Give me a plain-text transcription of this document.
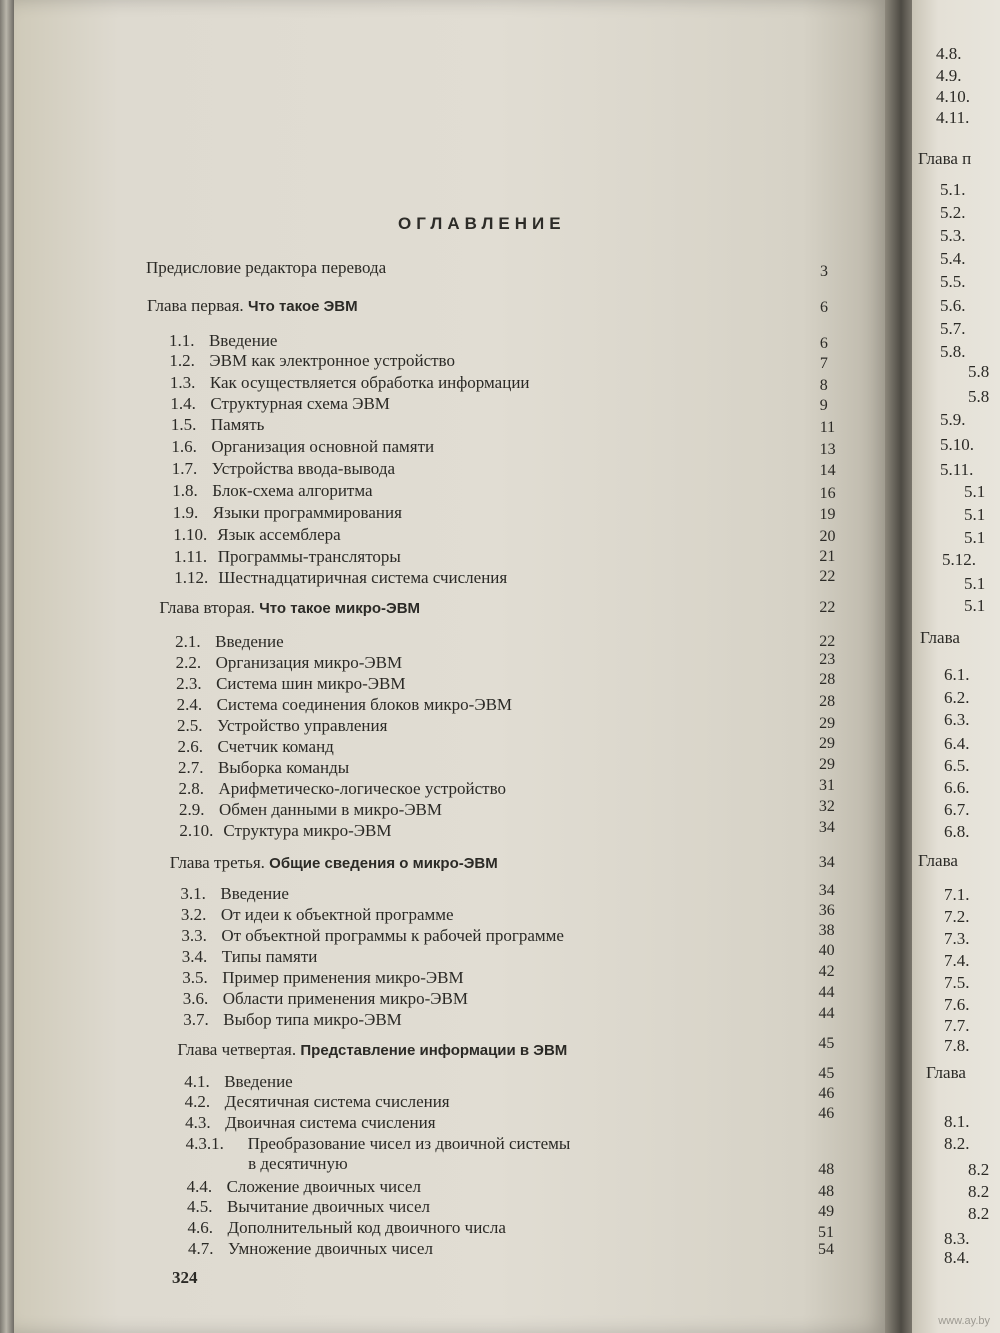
ОГЛАВЛЕНИЕ
Предисловие редактора перевода	3
Глава первая. Что такое ЭВМ	6
1.1. Введение	6
1.2. ЭВМ как электронное устройство	7
1.3. Как осуществляется обработка информации	8
1.4. Структурная схема ЭВМ	9
1.5. Память	11
1.6. Организация основной памяти	13
1.7. Устройства ввода-вывода	14
1.8. Блок-схема алгоритма	16
1.9. Языки программирования	19
1.10. Язык ассемблера	20
1.11. Программы-трансляторы	21
1.12. Шестнадцатиричная система счисления	22
Глава вторая. Что такое микро-ЭВМ	22
2.1. Введение	22
2.2. Организация микро-ЭВМ	23
2.3. Система шин микро-ЭВМ	28
2.4. Система соединения блоков микро-ЭВМ	28
2.5. Устройство управления	29
2.6. Счетчик команд	29
2.7. Выборка команды	29
2.8. Арифметическо-логическое устройство	31
2.9. Обмен данными в микро-ЭВМ	32
2.10. Структура микро-ЭВМ	34
Глава третья. Общие сведения о микро-ЭВМ	34
3.1. Введение	34
3.2. От идеи к объектной программе	36
3.3. От объектной программы к рабочей программе	38
3.4. Типы памяти	40
3.5. Пример применения микро-ЭВМ	42
3.6. Области применения микро-ЭВМ	44
3.7. Выбор типа микро-ЭВМ	44
Глава четвертая. Представление информации в ЭВМ	45
4.1. Введение	45
4.2. Десятичная система счисления	46
4.3. Двоичная система счисления	46
4.3.1.	Преобразование чисел из двоичной системы
в десятичную	48
4.4. Сложение двоичных чисел	48
4.5. Вычитание двоичных чисел	49
4.6. Дополнительный код двоичного числа	51
4.7. Умножение двоичных чисел	54
4.8.
4.9.
4.10.
4.11.
Глава п
5.1.
5.2.
5.3.
5.4.
5.5.
5.6.
5.7.
5.8.
5.8
5.8
5.9.
5.10.
5.11.
5.1
5.1
5.1
5.12.
5.1
5.1
Глава
6.1.
6.2.
6.3.
6.4.
6.5.
6.6.
6.7.
6.8.
Глава
7.1.
7.2.
7.3.
7.4.
7.5.
7.6.
7.7.
7.8.
Глава
8.1.
8.2.
8.2
8.2
8.2
8.3.
8.4.
324
www.ay.by
